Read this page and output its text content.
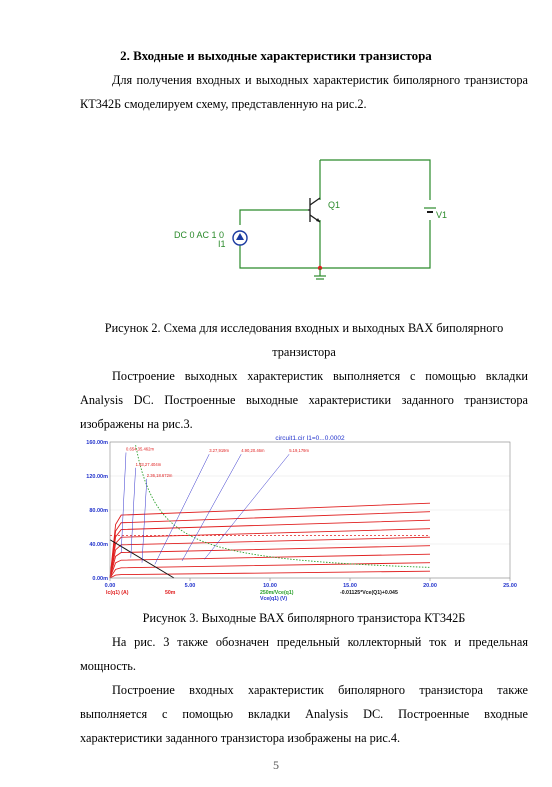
2. Входные и выходные характеристики транзистора

Для получения входных и выходных характеристик биполярного транзистора КТ342Б смоделируем схему, представленную на рис.2.

Q1
V1
DC 0 AC 1 0
I1

Рисунок 2. Схема для исследования входных и выходных ВАХ биполярного транзистора

Построение выходных характеристик выполняется с помощью вкладки Analysis DC. Построенные выходные характеристики заданного транзистора изображены на рис.3.

circuit1.cir I1=0...0.0002
0.654,35.462m
1.83,27.404m
2.36,18.672m
3.27,919m	4.90,20.46m	5.19,179m
0.00	5.00	10.00	15.00	20.00	25.00
0.00m
40.00m
80.00m
120.00m
160.00m
Ic(q1) (A)	50m	250m/Vce(q1)	-0.01125*Vce(Q1)+0.045
Vce(q1) (V)

Рисунок 3. Выходные ВАХ биполярного транзистора КТ342Б

На рис. 3 также обозначен предельный коллекторный ток и предельная мощность.

Построение входных характеристик биполярного транзистора также выполняется с помощью вкладки Analysis DC. Построенные входные характеристики заданного транзистора изображены на рис.4.

5
